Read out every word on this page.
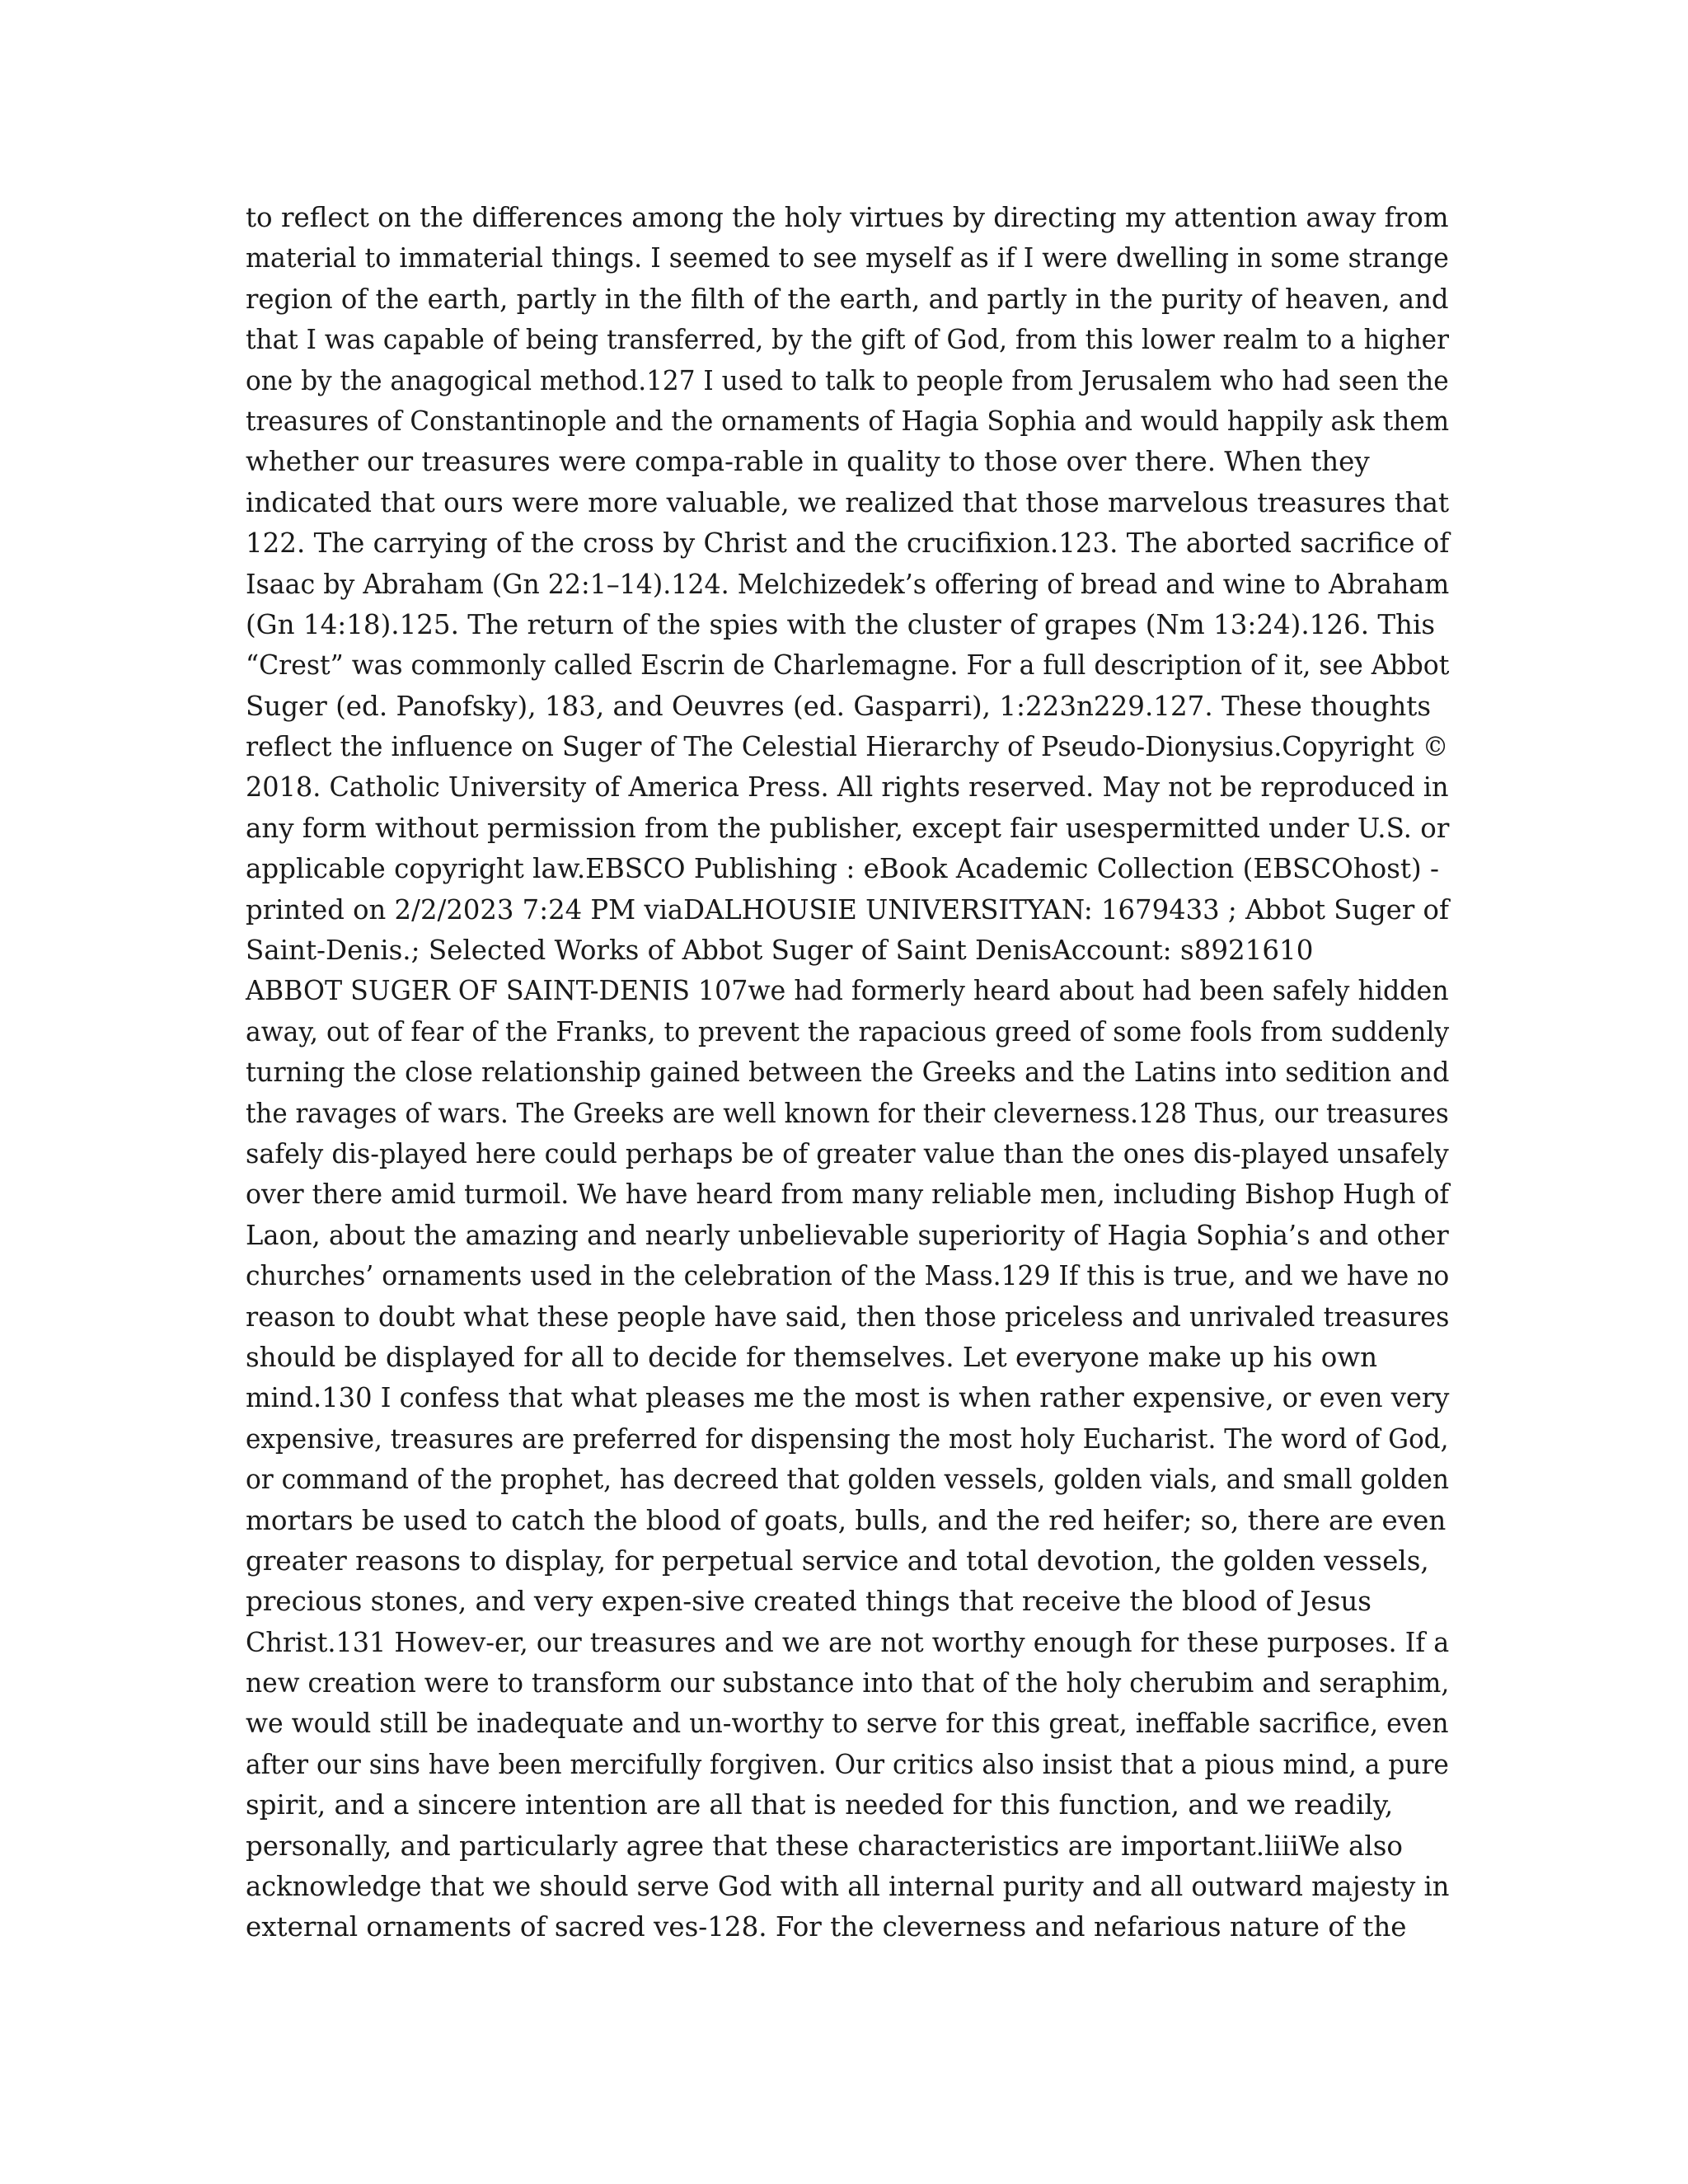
to reflect on the differences among the holy virtues by directing my attention away from
material to immaterial things. I seemed to see myself as if I were dwelling in some strange
region of the earth, partly in the filth of the earth, and partly in the purity of heaven, and
that I was capable of being transferred, by the gift of God, from this lower realm to a higher
one by the anagogical method.127 I used to talk to people from Jerusalem who had seen the
treasures of Constantinople and the ornaments of Hagia Sophia and would happily ask them
whether our treasures were compa-rable in quality to those over there. When they
indicated that ours were more valuable, we realized that those marvelous treasures that
122. The carrying of the cross by Christ and the crucifixion.123. The aborted sacrifice of
Isaac by Abraham (Gn 22:1–14).124. Melchizedek’s offering of bread and wine to Abraham
(Gn 14:18).125. The return of the spies with the cluster of grapes (Nm 13:24).126. This
“Crest” was commonly called Escrin de Charlemagne. For a full description of it, see Abbot
Suger (ed. Panofsky), 183, and Oeuvres (ed. Gasparri), 1:223n229.127. These thoughts
reflect the influence on Suger of The Celestial Hierarchy of Pseudo-Dionysius.Copyright ©
2018. Catholic University of America Press. All rights reserved. May not be reproduced in
any form without permission from the publisher, except fair usespermitted under U.S. or
applicable copyright law.EBSCO Publishing : eBook Academic Collection (EBSCOhost) -
printed on 2/2/2023 7:24 PM viaDALHOUSIE UNIVERSITYAN: 1679433 ; Abbot Suger of
Saint-Denis.; Selected Works of Abbot Suger of Saint DenisAccount: s8921610
ABBOT SUGER OF SAINT-DENIS 107we had formerly heard about had been safely hidden
away, out of fear of the Franks, to prevent the rapacious greed of some fools from suddenly
turning the close relationship gained between the Greeks and the Latins into sedition and
the ravages of wars. The Greeks are well known for their cleverness.128 Thus, our treasures
safely dis-played here could perhaps be of greater value than the ones dis-played unsafely
over there amid turmoil. We have heard from many reliable men, including Bishop Hugh of
Laon, about the amazing and nearly unbelievable superiority of Hagia Sophia’s and other
churches’ ornaments used in the celebration of the Mass.129 If this is true, and we have no
reason to doubt what these people have said, then those priceless and unrivaled treasures
should be displayed for all to decide for themselves. Let everyone make up his own
mind.130 I confess that what pleases me the most is when rather expensive, or even very
expensive, treasures are preferred for dispensing the most holy Eucharist. The word of God,
or command of the prophet, has decreed that golden vessels, golden vials, and small golden
mortars be used to catch the blood of goats, bulls, and the red heifer; so, there are even
greater reasons to display, for perpetual service and total devotion, the golden vessels,
precious stones, and very expen-sive created things that receive the blood of Jesus
Christ.131 Howev-er, our treasures and we are not worthy enough for these purposes. If a
new creation were to transform our substance into that of the holy cherubim and seraphim,
we would still be inadequate and un-worthy to serve for this great, ineffable sacrifice, even
after our sins have been mercifully forgiven. Our critics also insist that a pious mind, a pure
spirit, and a sincere intention are all that is needed for this function, and we readily,
personally, and particularly agree that these characteristics are important.liiiWe also
acknowledge that we should serve God with all internal purity and all outward majesty in
external ornaments of sacred ves-128. For the cleverness and nefarious nature of the
